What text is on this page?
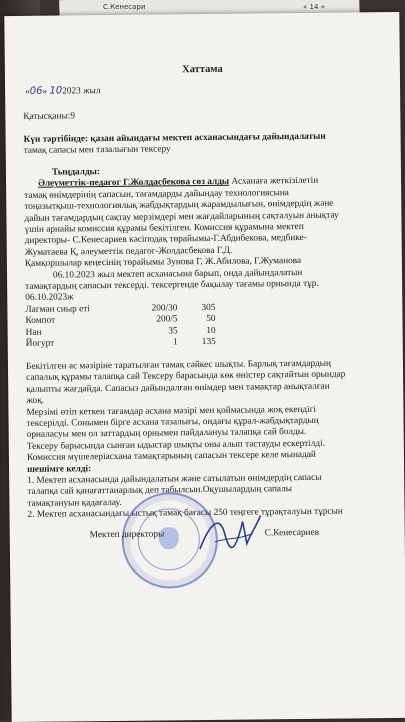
С.Кенесари	« 14 »
Хаттама
«06» 102023 жыл
Қатысқаны:9
Күн тәртібінде: қазан айындағы мектеп асханасындағы дайындалатын
тамақ сапасы мен тазалығын тексеру
Тыңдалды:
Әлеуметтік-педагог Г.Жолдасбекова сөз алды Асханаға жеткізілетін
тамақ өнімдерінің сапасын, тағамдарды дайындау технологиясына
тоңазытқыш-технологиялық жабдықтардың жарамдылығын, өнімдердің және
дайын тағамдардың сақтау мерзімдері мен жағдайларының сақталуын анықтау
үшін арнайы комиссия құрамы бекітілген. Комиссия құрамына мектеп
директоры- С.Кенесариев кәсіподақ төрайымы-Г.Абдибекова, медбике-
Жуматаева Қ, әлеуметтік педагог-Жолдасбекова Г.Д.
Қамқоршылар кеңесінің төрайымы Зунова Г, Ж.Абилова, Г.Жуманова
06.10.2023 жыл мектеп асханасына барып, онда дайындалатын
тамақтардың сапасын тексерді. тексергенде бақылау тағамы орнында тұр.
06.10.2023ж
Лагман сиыр еті	200/30	305
Компот	200/5	50
Нан	35	10
Йогурт	1	135
Бекітілген ас мәзіріне таратылған тамақ сәйкес шықты. Барлық тағамдардың
сапалық құрамы талапқа сай Тексеру барасында көк өністер сақтайтын орындар
қалыпты жағдайда. Сапасыз дайындалған өнімдер мен тамақтар анықталған
жоқ.
Мерзімі өтіп кеткен тағамдар асхана мәзірі мен қоймасында жоқ екендігі
тексерілді. Сонымен бірге асхана тазалығы, ондағы құрал-жабдықтардың
орналасуы мен ол заттардың орнымен пайдалануы талапқа сай болды.
Тексеру барысында сынған ыдыстар шықты оны алып тастауды ескертілді.
Комиссия мүшелеріасхана тамақтарының сапасын тексере келе мынадай
шешімге келді:
1. Мектеп асханасында дайындалатын және сатылатын өнімдердің сапасы
талапқа сай қанағаттанарлық деп табылсын.Оқушылардың сапалы
тамақтануын қадағалау.
2. Мектеп асханасындағы ыстық тамақ бағасы 250 теңгеге тұрақталуын тұрсын
Мектеп директоры	С.Кенесариев
